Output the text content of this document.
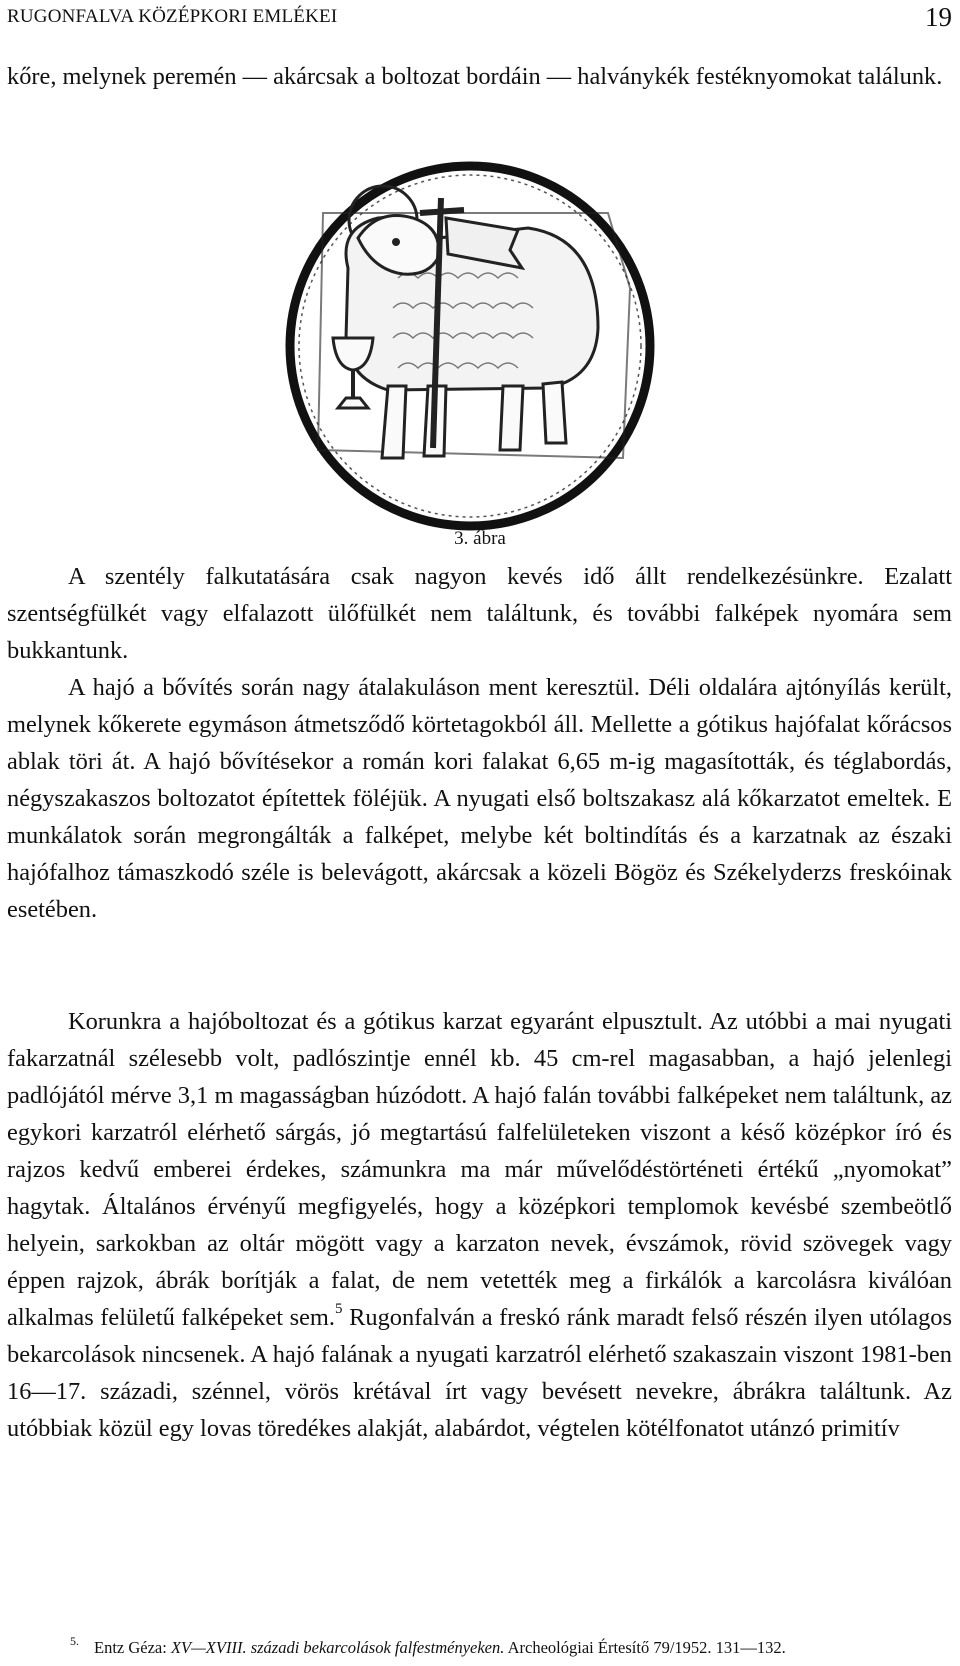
RUGONFALVA KÖZÉPKORI EMLÉKEI	19

kőre, melynek peremén — akárcsak a boltozat bordáin — halványkék festéknyomokat találunk.

3. ábra

A szentély falkutatására csak nagyon kevés idő állt rendelkezésünkre. Ezalatt szentségfülkét vagy elfalazott ülőfülkét nem találtunk, és további falképek nyomára sem bukkantunk.

A hajó a bővítés során nagy átalakuláson ment keresztül. Déli oldalára ajtónyílás került, melynek kőkerete egymáson átmetsződő körtetagokból áll. Mellette a gótikus hajófalat kőrácsos ablak töri át. A hajó bővítésekor a román kori falakat 6,65 m-ig magasították, és téglabordás, négyszakaszos boltozatot építettek föléjük. A nyugati első boltszakasz alá kőkarzatot emeltek. E munkálatok során megrongálták a falképet, melybe két boltindítás és a karzatnak az északi hajófalhoz támaszkodó széle is belevágott, akárcsak a közeli Bögöz és Székelyderzs freskóinak esetében.

Korunkra a hajóboltozat és a gótikus karzat egyaránt elpusztult. Az utóbbi a mai nyugati fakarzatnál szélesebb volt, padlószintje ennél kb. 45 cm-rel magasabban, a hajó jelenlegi padlójától mérve 3,1 m magasságban húzódott. A hajó falán további falképeket nem találtunk, az egykori karzatról elérhető sárgás, jó megtartású falfelületeken viszont a késő középkor író és rajzos kedvű emberei érdekes, számunkra ma már művelődéstörténeti értékű „nyomokat” hagytak. Általános érvényű megfigyelés, hogy a középkori templomok kevésbé szembeötlő helyein, sarkokban az oltár mögött vagy a karzaton nevek, évszámok, rövid szövegek vagy éppen rajzok, ábrák borítják a falat, de nem vetették meg a firkálók a karcolásra kiválóan alkalmas felületű falképeket sem.$^5$ Rugonfalván a freskó ránk maradt felső részén ilyen utólagos bekarcolások nincsenek. A hajó falának a nyugati karzatról elérhető szakaszain viszont 1981-ben 16—17. századi, szénnel, vörös krétával írt vagy bevésett nevekre, ábrákra találtunk. Az utóbbiak közül egy lovas töredékes alakját, alabárdot, végtelen kötélfonatot utánzó primitív

5. Entz Géza: XV—XVIII. századi bekarcolások falfestményeken. Archeológiai Értesítő 79/1952. 131—132.
